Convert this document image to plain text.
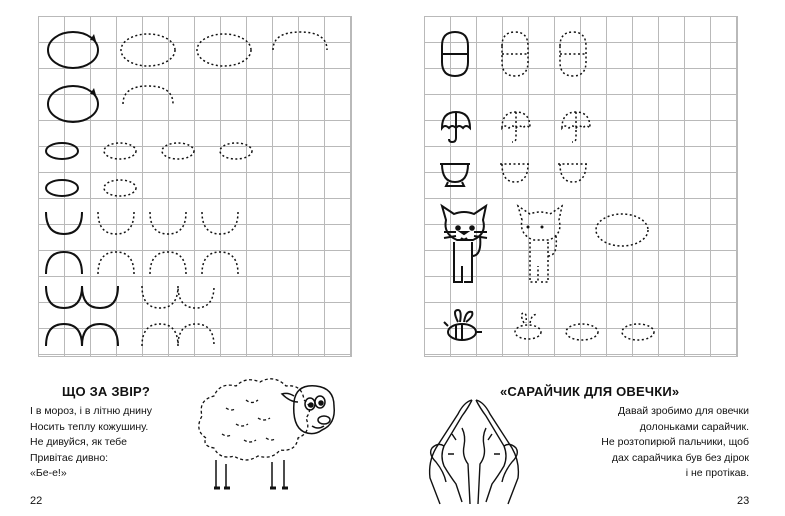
ЩО ЗА ЗВІР?
І в мороз, і в літню днину
Носить теплу кожушину.
Не дивуйся, як тебе
Привітає дивно:
«Бе-е!»
22
«САРАЙЧИК ДЛЯ ОВЕЧКИ»
Давай зробимо для овечки
долоньками сарайчик.
Не розтопирюй пальчики, щоб
дах сарайчика був без дірок
і не протікав.
23
